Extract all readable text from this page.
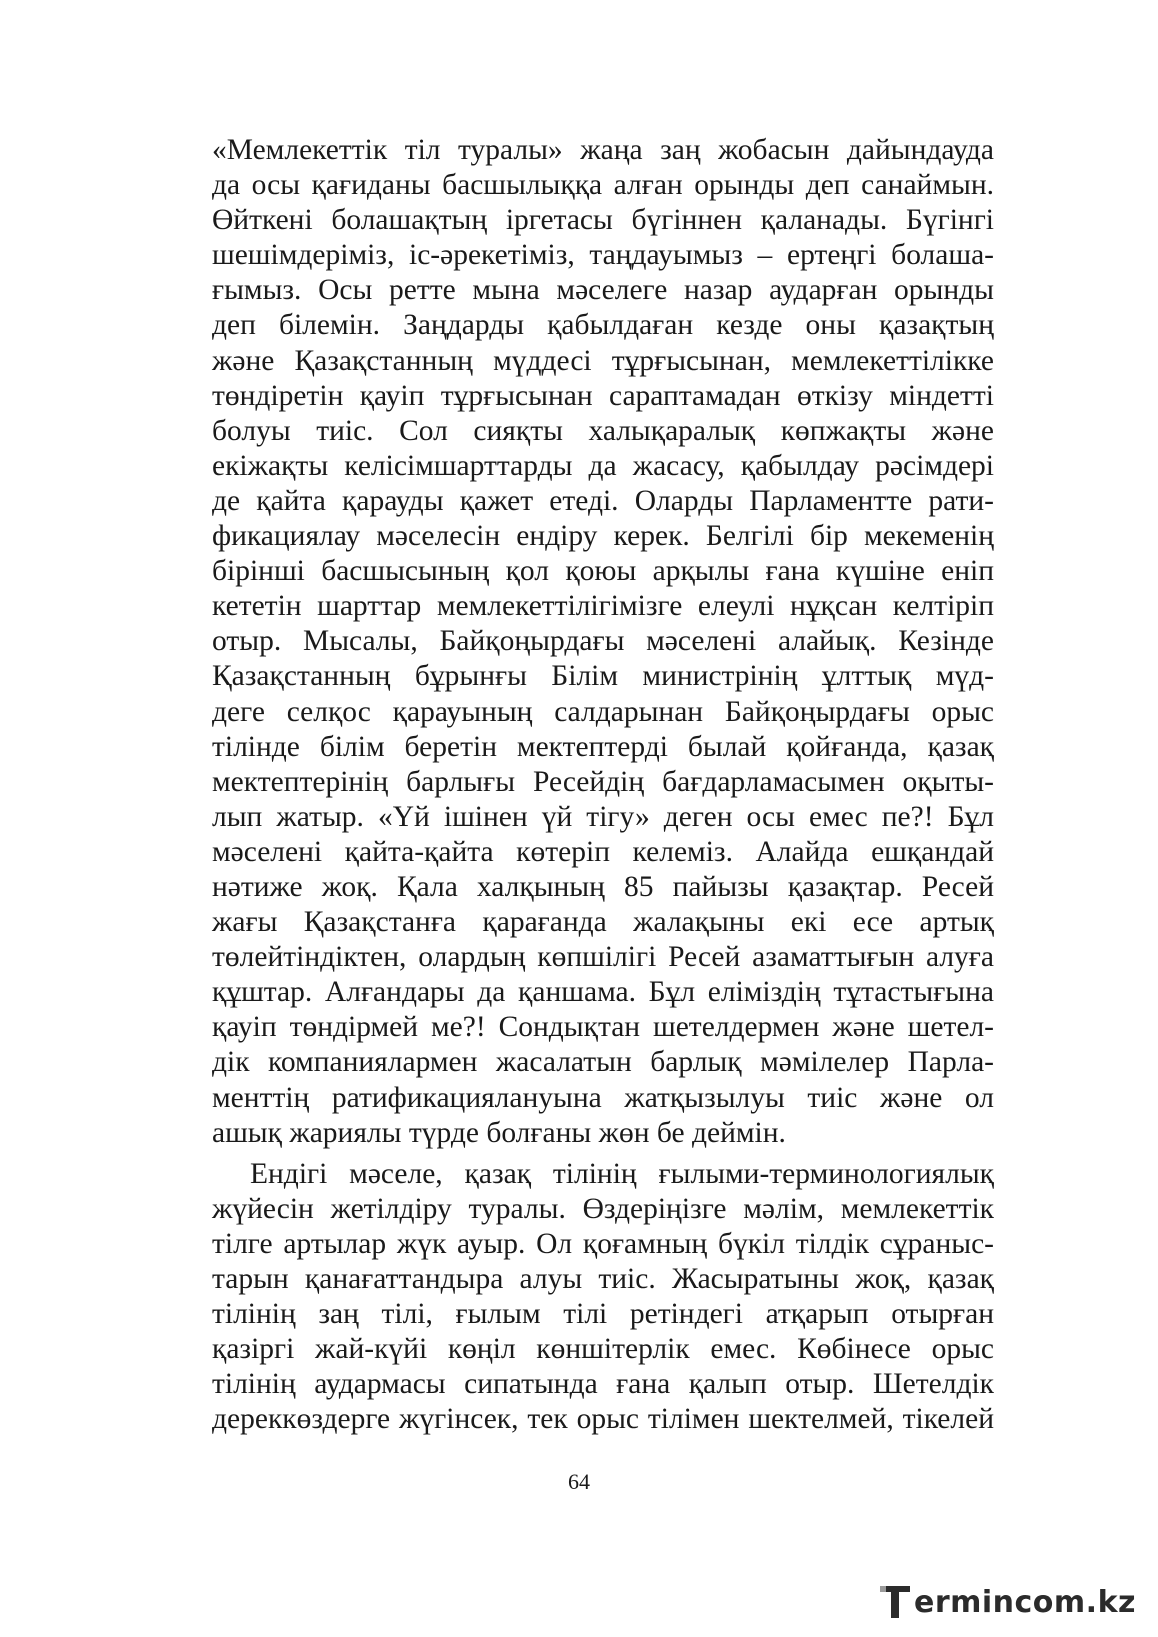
«Мемлекеттік тіл туралы» жаңа заң жобасын дайындауда
да осы қағиданы басшылыққа алған орынды деп санаймын.
Өйткені болашақтың іргетасы бүгіннен қаланады. Бүгінгі
шешімдеріміз, іс-әрекетіміз, таңдауымыз – ертеңгі болаша-
ғымыз. Осы ретте мына мәселеге назар аударған орынды
деп білемін. Заңдарды қабылдаған кезде оны қазақтың
және Қазақстанның мүддесі тұрғысынан, мемлекеттілікке
төндіретін қауіп тұрғысынан сараптамадан өткізу міндетті
болуы тиіс. Сол сияқты халықаралық көпжақты және
екіжақты келісімшарттарды да жасасу, қабылдау рәсімдері
де қайта қарауды қажет етеді. Оларды Парламентте рати-
фикациялау мәселесін ендіру керек. Белгілі бір мекеменің
бірінші басшысының қол қоюы арқылы ғана күшіне еніп
кететін шарттар мемлекеттілігімізге елеулі нұқсан келтіріп
отыр. Мысалы, Байқоңырдағы мәселені алайық. Кезінде
Қазақстанның бұрынғы Білім министрінің ұлттық мүд-
деге селқос қарауының салдарынан Байқоңырдағы орыс
тілінде білім беретін мектептерді былай қойғанда, қазақ
мектептерінің барлығы Ресейдің бағдарламасымен оқыты-
лып жатыр. «Үй ішінен үй тігу» деген осы емес пе?! Бұл
мәселені қайта-қайта көтеріп келеміз. Алайда ешқандай
нәтиже жоқ. Қала халқының 85 пайызы қазақтар. Ресей
жағы Қазақстанға қарағанда жалақыны екі есе артық
төлейтіндіктен, олардың көпшілігі Ресей азаматтығын алуға
құштар. Алғандары да қаншама. Бұл еліміздің тұтастығына
қауіп төндірмей ме?! Сондықтан шетелдермен және шетел-
дік компаниялармен жасалатын барлық мәмілелер Парла-
менттің ратификациялануына жатқызылуы тиіс және ол
ашық жариялы түрде болғаны жөн бе деймін.
Ендігі мәселе, қазақ тілінің ғылыми-терминологиялық
жүйесін жетілдіру туралы. Өздеріңізге мәлім, мемлекеттік
тілге артылар жүк ауыр. Ол қоғамның бүкіл тілдік сұраныс-
тарын қанағаттандыра алуы тиіс. Жасыратыны жоқ, қазақ
тілінің заң тілі, ғылым тілі ретіндегі атқарып отырған
қазіргі жай-күйі көңіл көншітерлік емес. Көбінесе орыс
тілінің аудармасы сипатында ғана қалып отыр. Шетелдік
дереккөздерге жүгінсек, тек орыс тілімен шектелмей, тікелей
64
ermincom.kz
